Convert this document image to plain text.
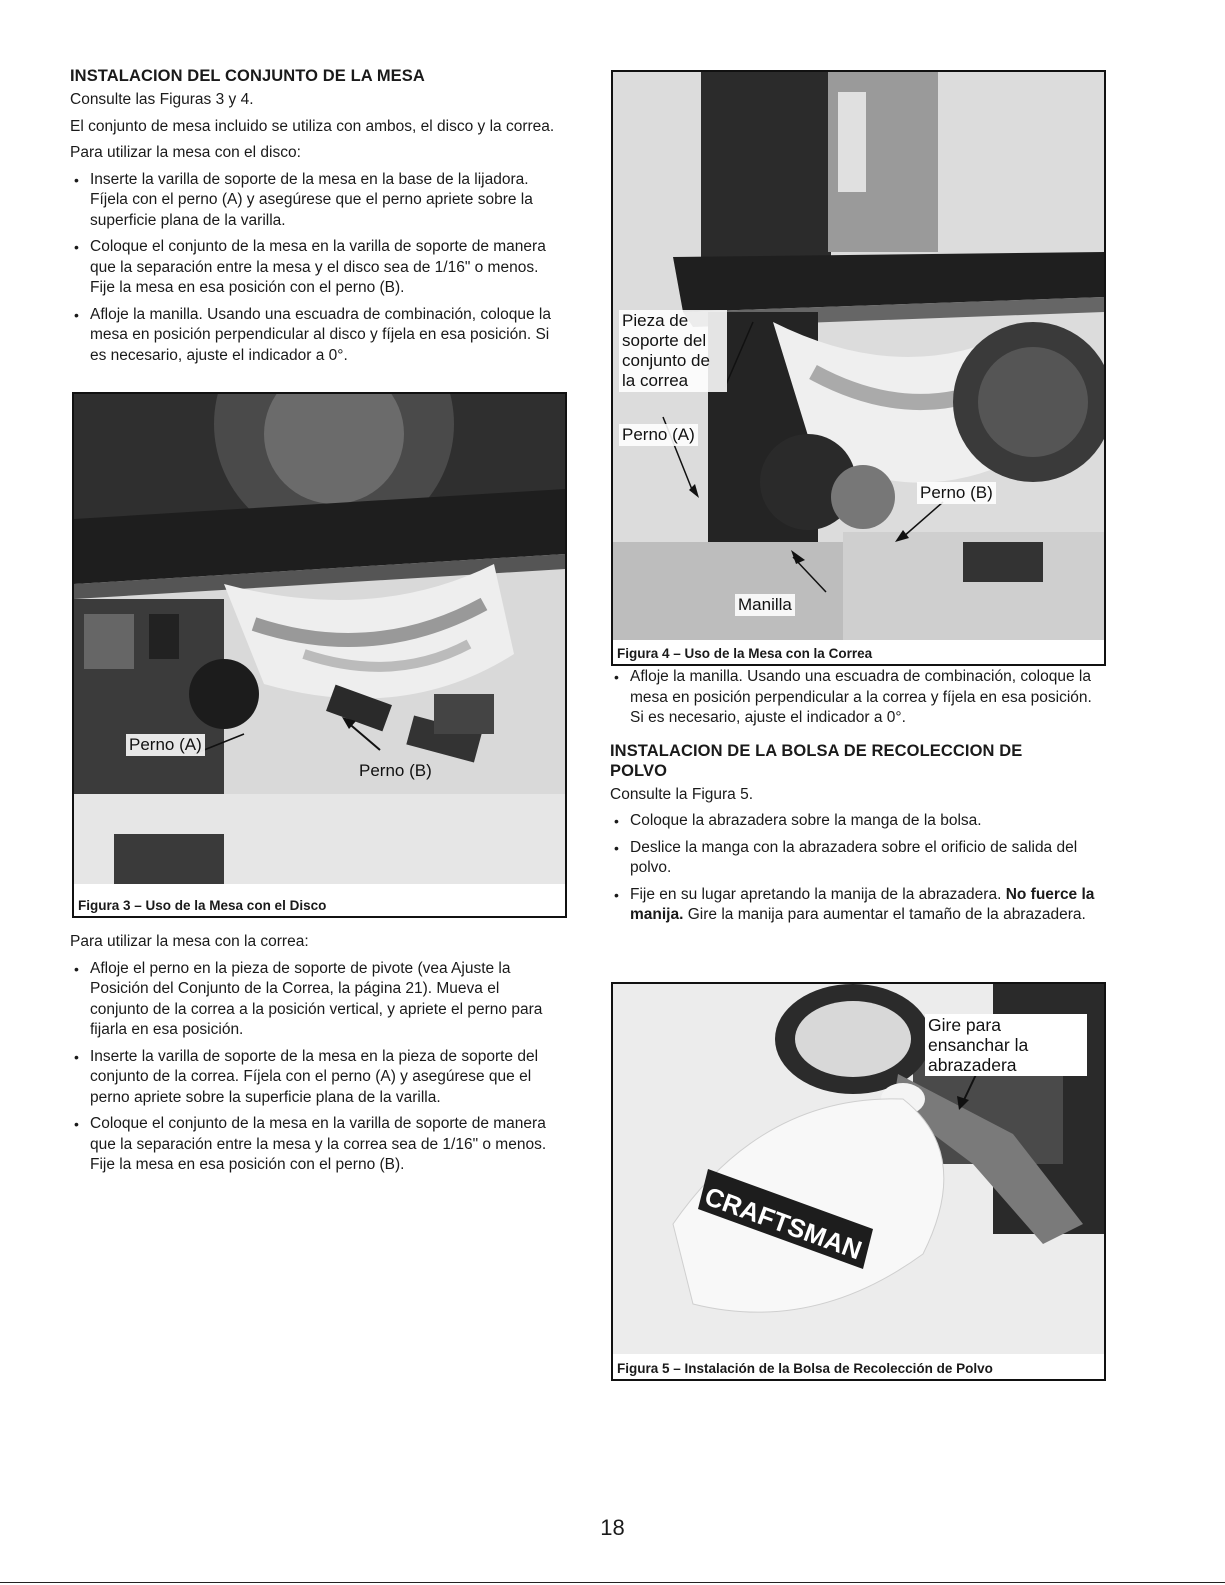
INSTALACION DEL CONJUNTO DE LA MESA

Consulte las Figuras 3 y 4.

El conjunto de mesa incluido se utiliza con ambos, el disco y la correa.

Para utilizar la mesa con el disco:

• Inserte la varilla de soporte de la mesa en la base de la lijadora. Fíjela con el perno (A) y asegúrese que el perno apriete sobre la superficie plana de la varilla.
• Coloque el conjunto de la mesa en la varilla de soporte de manera que la separación entre la mesa y el disco sea de 1/16" o menos. Fije la mesa en esa posición con el perno (B).
• Afloje la manilla. Usando una escuadra de combinación, coloque la mesa en posición perpendicular al disco y fíjela en esa posición. Si es necesario, ajuste el indicador a 0°.
Perno (A)
Perno (B)
Figura 3 – Uso de la Mesa con el Disco

Para utilizar la mesa con la correa:

• Afloje el perno en la pieza de soporte de pivote (vea Ajuste la Posición del Conjunto de la Correa, la página 21). Mueva el conjunto de la correa a la posición vertical, y apriete el perno para fijarla en esa posición.
• Inserte la varilla de soporte de la mesa en la pieza de soporte del conjunto de la correa. Fíjela con el perno (A) y asegúrese que el perno apriete sobre la superficie plana de la varilla.
• Coloque el conjunto de la mesa en la varilla de soporte de manera que la separación entre la mesa y la correa sea de 1/16" o menos. Fije la mesa en esa posición con el perno (B).
Pieza de soporte del conjunto de la correa
Perno (A)
Perno (B)
Manilla
Figura 4 – Uso de la Mesa con la Correa
• Afloje la manilla. Usando una escuadra de combinación, coloque la mesa en posición perpendicular a la correa y fíjela en esa posición. Si es necesario, ajuste el indicador a 0°.
INSTALACION DE LA BOLSA DE RECOLECCION DE POLVO

Consulte la Figura 5.

• Coloque la abrazadera sobre la manga de la bolsa.
• Deslice la manga con la abrazadera sobre el orificio de salida del polvo.
• Fije en su lugar apretando la manija de la abrazadera. No fuerce la manija. Gire la manija para aumentar el tamaño de la abrazadera.
CRAFTSMAN
Gire para ensanchar la abrazadera
Figura 5 – Instalación de la Bolsa de Recolección de Polvo
18
